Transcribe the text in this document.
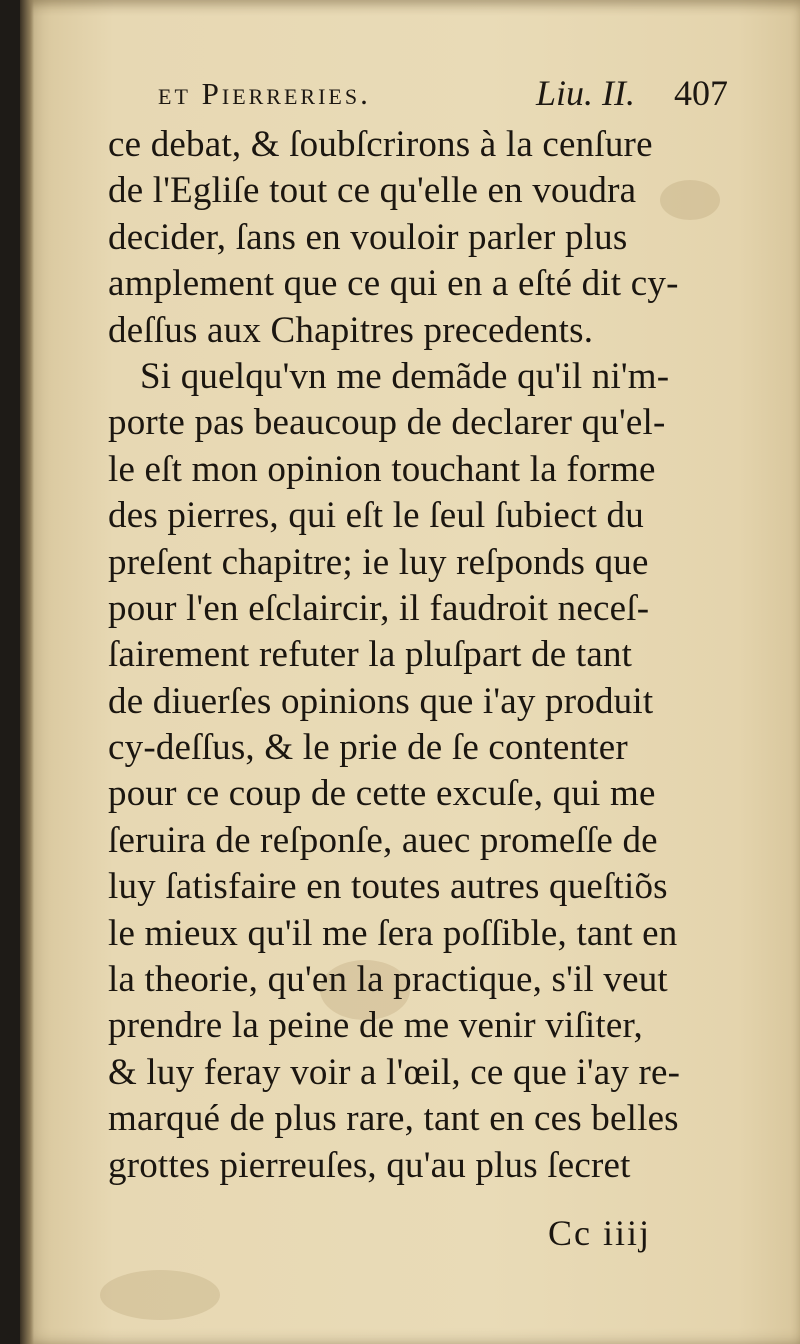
et Pierreries.	Liu. II. 407
ce debat, & ſoubſcrirons à la cenſure
de l'Egliſe tout ce qu'elle en voudra
decider, ſans en vouloir parler plus
amplement que ce qui en a eſté dit cy-
deſſus aux Chapitres precedents.
Si quelqu'vn me demãde qu'il ni'm-
porte pas beaucoup de declarer qu'el-
le eſt mon opinion touchant la forme
des pierres, qui eſt le ſeul ſubiect du
preſent chapitre; ie luy reſponds que
pour l'en eſclaircir, il faudroit neceſ-
ſairement refuter la pluſpart de tant
de diuerſes opinions que i'ay produit
cy-deſſus, & le prie de ſe contenter
pour ce coup de cette excuſe, qui me
ſeruira de reſponſe, auec promeſſe de
luy ſatisfaire en toutes autres queſtiõs
le mieux qu'il me ſera poſſible, tant en
la theorie, qu'en la practique, s'il veut
prendre la peine de me venir viſiter,
& luy feray voir a l'œil, ce que i'ay re-
marqué de plus rare, tant en ces belles
grottes pierreuſes, qu'au plus ſecret
Cc iiij
